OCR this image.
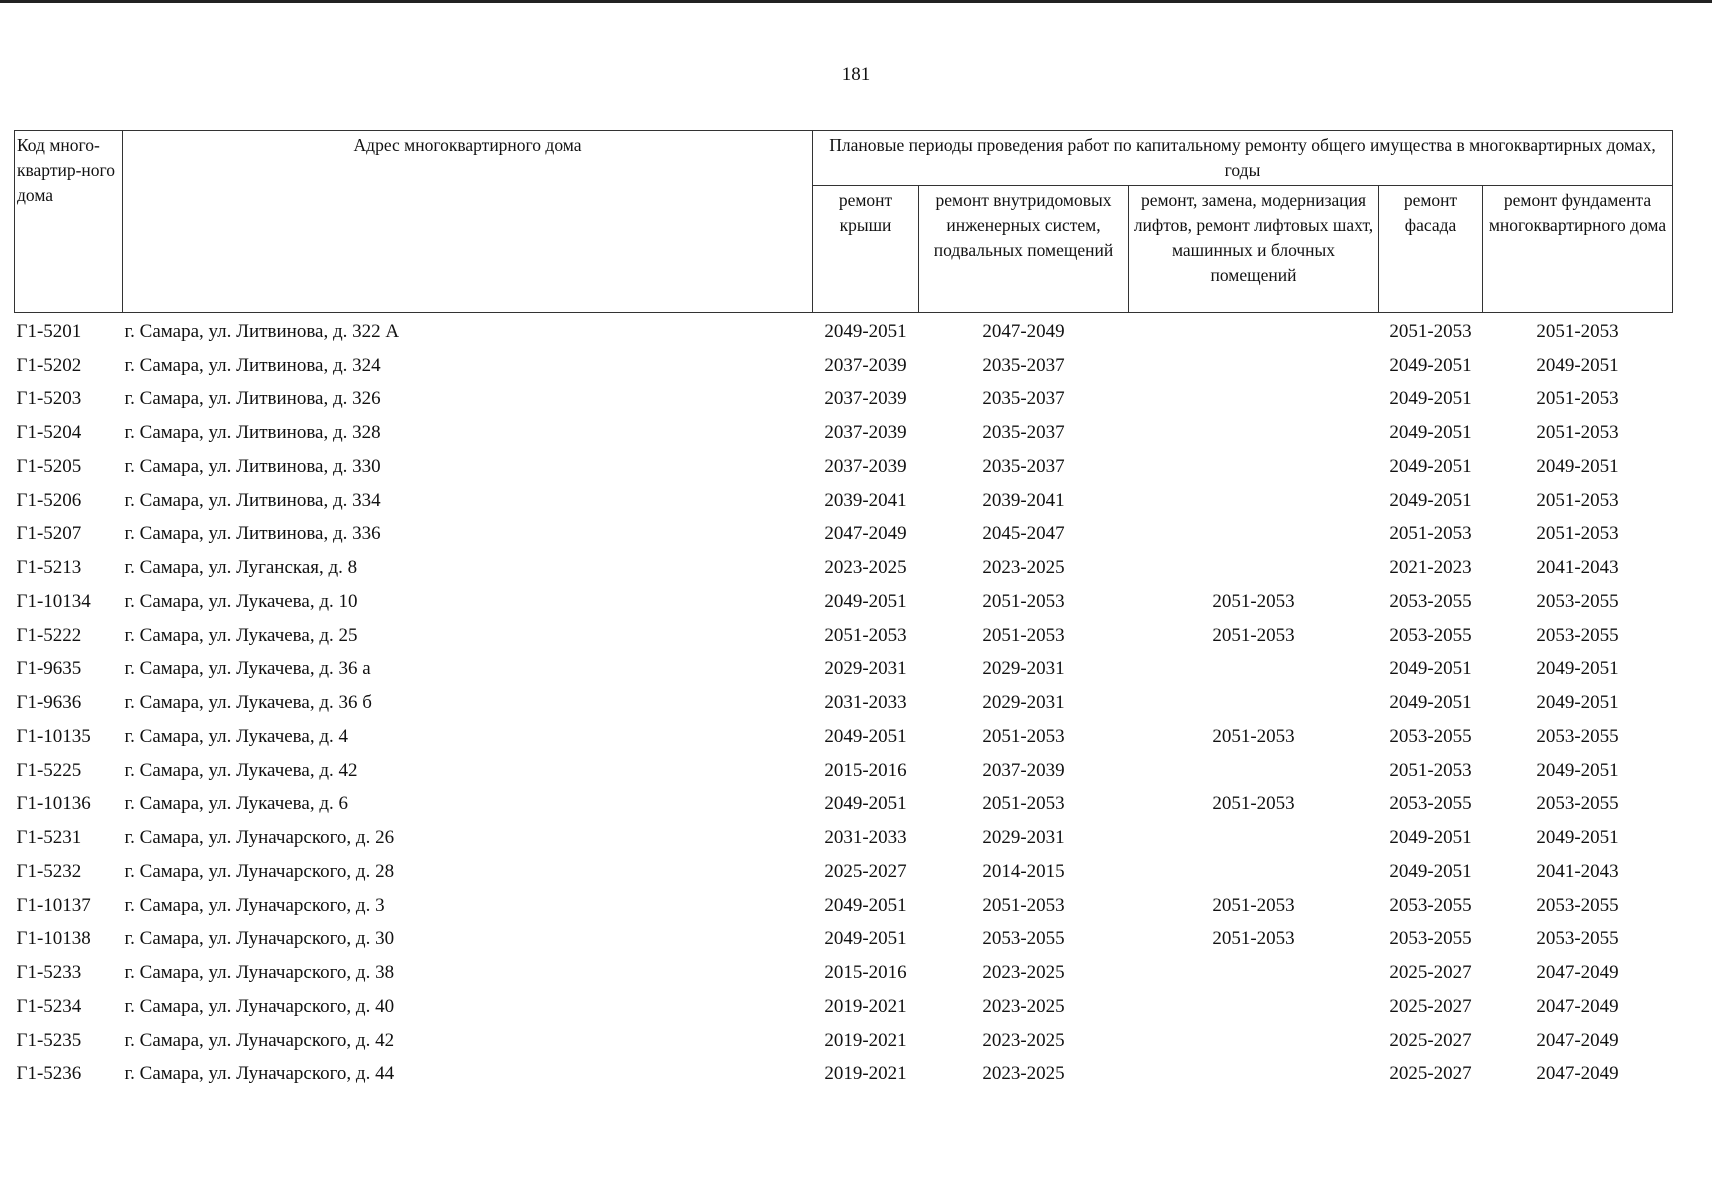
181
Код много-квартир-ного дома	Адрес многоквартирного дома	Плановые периоды проведения работ по капитальному ремонту общего имущества в многоквартирных домах, годы				
		ремонт крыши	ремонт внутридомовых инженерных систем, подвальных помещений	ремонт, замена, модернизация лифтов, ремонт лифтовых шахт, машинных и блочных помещений	ремонт фасада	ремонт фундамента многоквартирного дома
Г1-5201	г. Самара, ул. Литвинова, д. 322 А	2049-2051	2047-2049		2051-2053	2051-2053
Г1-5202	г. Самара, ул. Литвинова, д. 324	2037-2039	2035-2037		2049-2051	2049-2051
Г1-5203	г. Самара, ул. Литвинова, д. 326	2037-2039	2035-2037		2049-2051	2051-2053
Г1-5204	г. Самара, ул. Литвинова, д. 328	2037-2039	2035-2037		2049-2051	2051-2053
Г1-5205	г. Самара, ул. Литвинова, д. 330	2037-2039	2035-2037		2049-2051	2049-2051
Г1-5206	г. Самара, ул. Литвинова, д. 334	2039-2041	2039-2041		2049-2051	2051-2053
Г1-5207	г. Самара, ул. Литвинова, д. 336	2047-2049	2045-2047		2051-2053	2051-2053
Г1-5213	г. Самара, ул. Луганская, д. 8	2023-2025	2023-2025		2021-2023	2041-2043
Г1-10134	г. Самара, ул. Лукачева, д. 10	2049-2051	2051-2053	2051-2053	2053-2055	2053-2055
Г1-5222	г. Самара, ул. Лукачева, д. 25	2051-2053	2051-2053	2051-2053	2053-2055	2053-2055
Г1-9635	г. Самара, ул. Лукачева, д. 36 а	2029-2031	2029-2031		2049-2051	2049-2051
Г1-9636	г. Самара, ул. Лукачева, д. 36 б	2031-2033	2029-2031		2049-2051	2049-2051
Г1-10135	г. Самара, ул. Лукачева, д. 4	2049-2051	2051-2053	2051-2053	2053-2055	2053-2055
Г1-5225	г. Самара, ул. Лукачева, д. 42	2015-2016	2037-2039		2051-2053	2049-2051
Г1-10136	г. Самара, ул. Лукачева, д. 6	2049-2051	2051-2053	2051-2053	2053-2055	2053-2055
Г1-5231	г. Самара, ул. Луначарского, д. 26	2031-2033	2029-2031		2049-2051	2049-2051
Г1-5232	г. Самара, ул. Луначарского, д. 28	2025-2027	2014-2015		2049-2051	2041-2043
Г1-10137	г. Самара, ул. Луначарского, д. 3	2049-2051	2051-2053	2051-2053	2053-2055	2053-2055
Г1-10138	г. Самара, ул. Луначарского, д. 30	2049-2051	2053-2055	2051-2053	2053-2055	2053-2055
Г1-5233	г. Самара, ул. Луначарского, д. 38	2015-2016	2023-2025		2025-2027	2047-2049
Г1-5234	г. Самара, ул. Луначарского, д. 40	2019-2021	2023-2025		2025-2027	2047-2049
Г1-5235	г. Самара, ул. Луначарского, д. 42	2019-2021	2023-2025		2025-2027	2047-2049
Г1-5236	г. Самара, ул. Луначарского, д. 44	2019-2021	2023-2025		2025-2027	2047-2049
